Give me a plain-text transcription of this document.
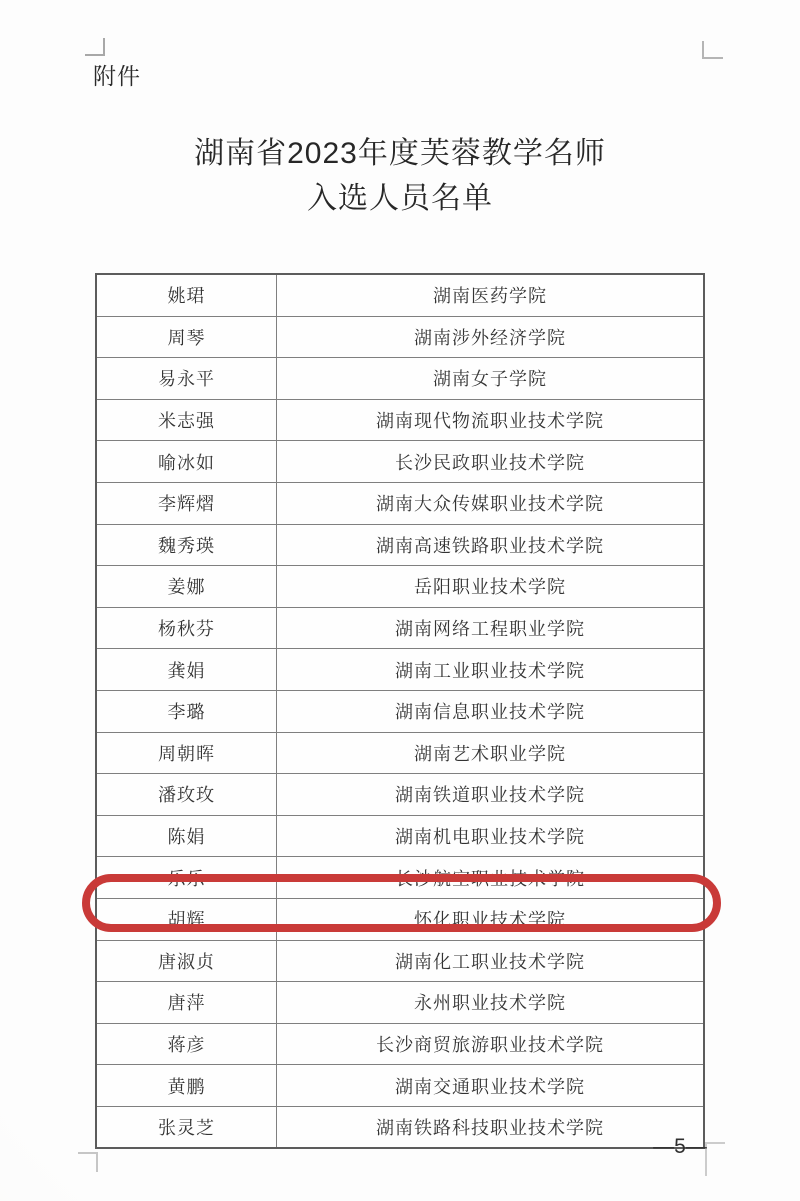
附件
湖南省2023年度芙蓉教学名师
入选人员名单
姚珺	湖南医药学院
周琴	湖南涉外经济学院
易永平	湖南女子学院
米志强	湖南现代物流职业技术学院
喻冰如	长沙民政职业技术学院
李辉熠	湖南大众传媒职业技术学院
魏秀瑛	湖南高速铁路职业技术学院
姜娜	岳阳职业技术学院
杨秋芬	湖南网络工程职业学院
龚娟	湖南工业职业技术学院
李璐	湖南信息职业技术学院
周朝晖	湖南艺术职业学院
潘玫玫	湖南铁道职业技术学院
陈娟	湖南机电职业技术学院
乐乐	长沙航空职业技术学院
胡辉	怀化职业技术学院
唐淑贞	湖南化工职业技术学院
唐萍	永州职业技术学院
蒋彦	长沙商贸旅游职业技术学院
黄鹏	湖南交通职业技术学院
张灵芝	湖南铁路科技职业技术学院
—5—
